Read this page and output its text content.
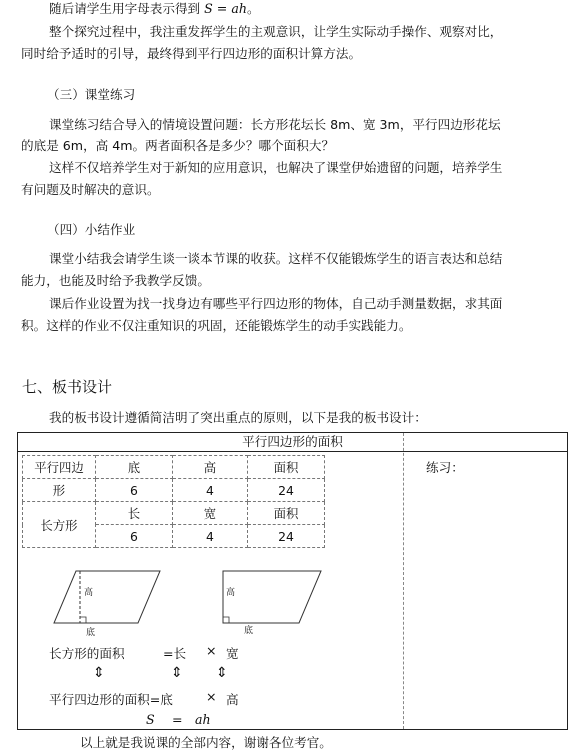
随后请学生用字母表示得到 S = ah。
整个探究过程中，我注重发挥学生的主观意识，让学生实际动手操作、观察对比，
同时给予适时的引导，最终得到平行四边形的面积计算方法。
（三）课堂练习
课堂练习结合导入的情境设置问题：长方形花坛长 8m、宽 3m，平行四边形花坛
的底是 6m，高 4m。两者面积各是多少？哪个面积大？
这样不仅培养学生对于新知的应用意识，也解决了课堂伊始遗留的问题，培养学生
有问题及时解决的意识。
（四）小结作业
课堂小结我会请学生谈一谈本节课的收获。这样不仅能锻炼学生的语言表达和总结
能力，也能及时给予我教学反馈。
课后作业设置为找一找身边有哪些平行四边形的物体，自己动手测量数据，求其面
积。这样的作业不仅注重知识的巩固，还能锻炼学生的动手实践能力。
七、板书设计
我的板书设计遵循简洁明了突出重点的原则，以下是我的板书设计：
平行四边形的面积
练习：
平行四边	底	高	面积
形	6	4	24
长方形	长	宽	面积
	6	4	24
高
底
高
底
长方形的面积	=长 × 宽
⇕	⇕ ⇕
平行四边形的面积=底	× 高
S = ah
以上就是我说课的全部内容，谢谢各位考官。
